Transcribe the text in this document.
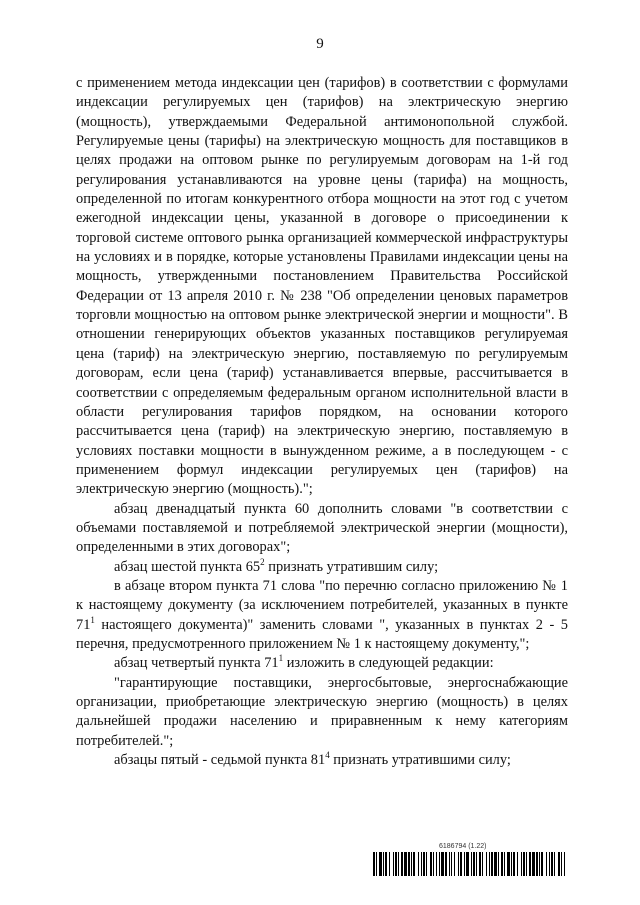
9

с применением метода индексации цен (тарифов) в соответствии с формулами индексации регулируемых цен (тарифов) на электрическую энергию (мощность), утверждаемыми Федеральной антимонопольной службой. Регулируемые цены (тарифы) на электрическую мощность для поставщиков в целях продажи на оптовом рынке по регулируемым договорам на 1-й год регулирования устанавливаются на уровне цены (тарифа) на мощность, определенной по итогам конкурентного отбора мощности на этот год с учетом ежегодной индексации цены, указанной в договоре о присоединении к торговой системе оптового рынка организацией коммерческой инфраструктуры на условиях и в порядке, которые установлены Правилами индексации цены на мощность, утвержденными постановлением Правительства Российской Федерации от 13 апреля 2010 г. № 238 "Об определении ценовых параметров торговли мощностью на оптовом рынке электрической энергии и мощности". В отношении генерирующих объектов указанных поставщиков регулируемая цена (тариф) на электрическую энергию, поставляемую по регулируемым договорам, если цена (тариф) устанавливается впервые, рассчитывается в соответствии с определяемым федеральным органом исполнительной власти в области регулирования тарифов порядком, на основании которого рассчитывается цена (тариф) на электрическую энергию, поставляемую в условиях поставки мощности в вынужденном режиме, а в последующем - с применением формул индексации регулируемых цен (тарифов) на электрическую энергию (мощность).";

абзац двенадцатый пункта 60 дополнить словами "в соответствии с объемами поставляемой и потребляемой электрической энергии (мощности), определенными в этих договорах";

абзац шестой пункта $65^2$ признать утратившим силу;

в абзаце втором пункта 71 слова "по перечню согласно приложению № 1 к настоящему документу (за исключением потребителей, указанных в пункте $71^1$ настоящего документа)" заменить словами ", указанных в пунктах 2 - 5 перечня, предусмотренного приложением № 1 к настоящему документу,";

абзац четвертый пункта $71^1$ изложить в следующей редакции:

"гарантирующие поставщики, энергосбытовые, энергоснабжающие организации, приобретающие электрическую энергию (мощность) в целях дальнейшей продажи населению и приравненным к нему категориям потребителей.";

абзацы пятый - седьмой пункта $81^4$ признать утратившими силу;

6186794 (1.22)
